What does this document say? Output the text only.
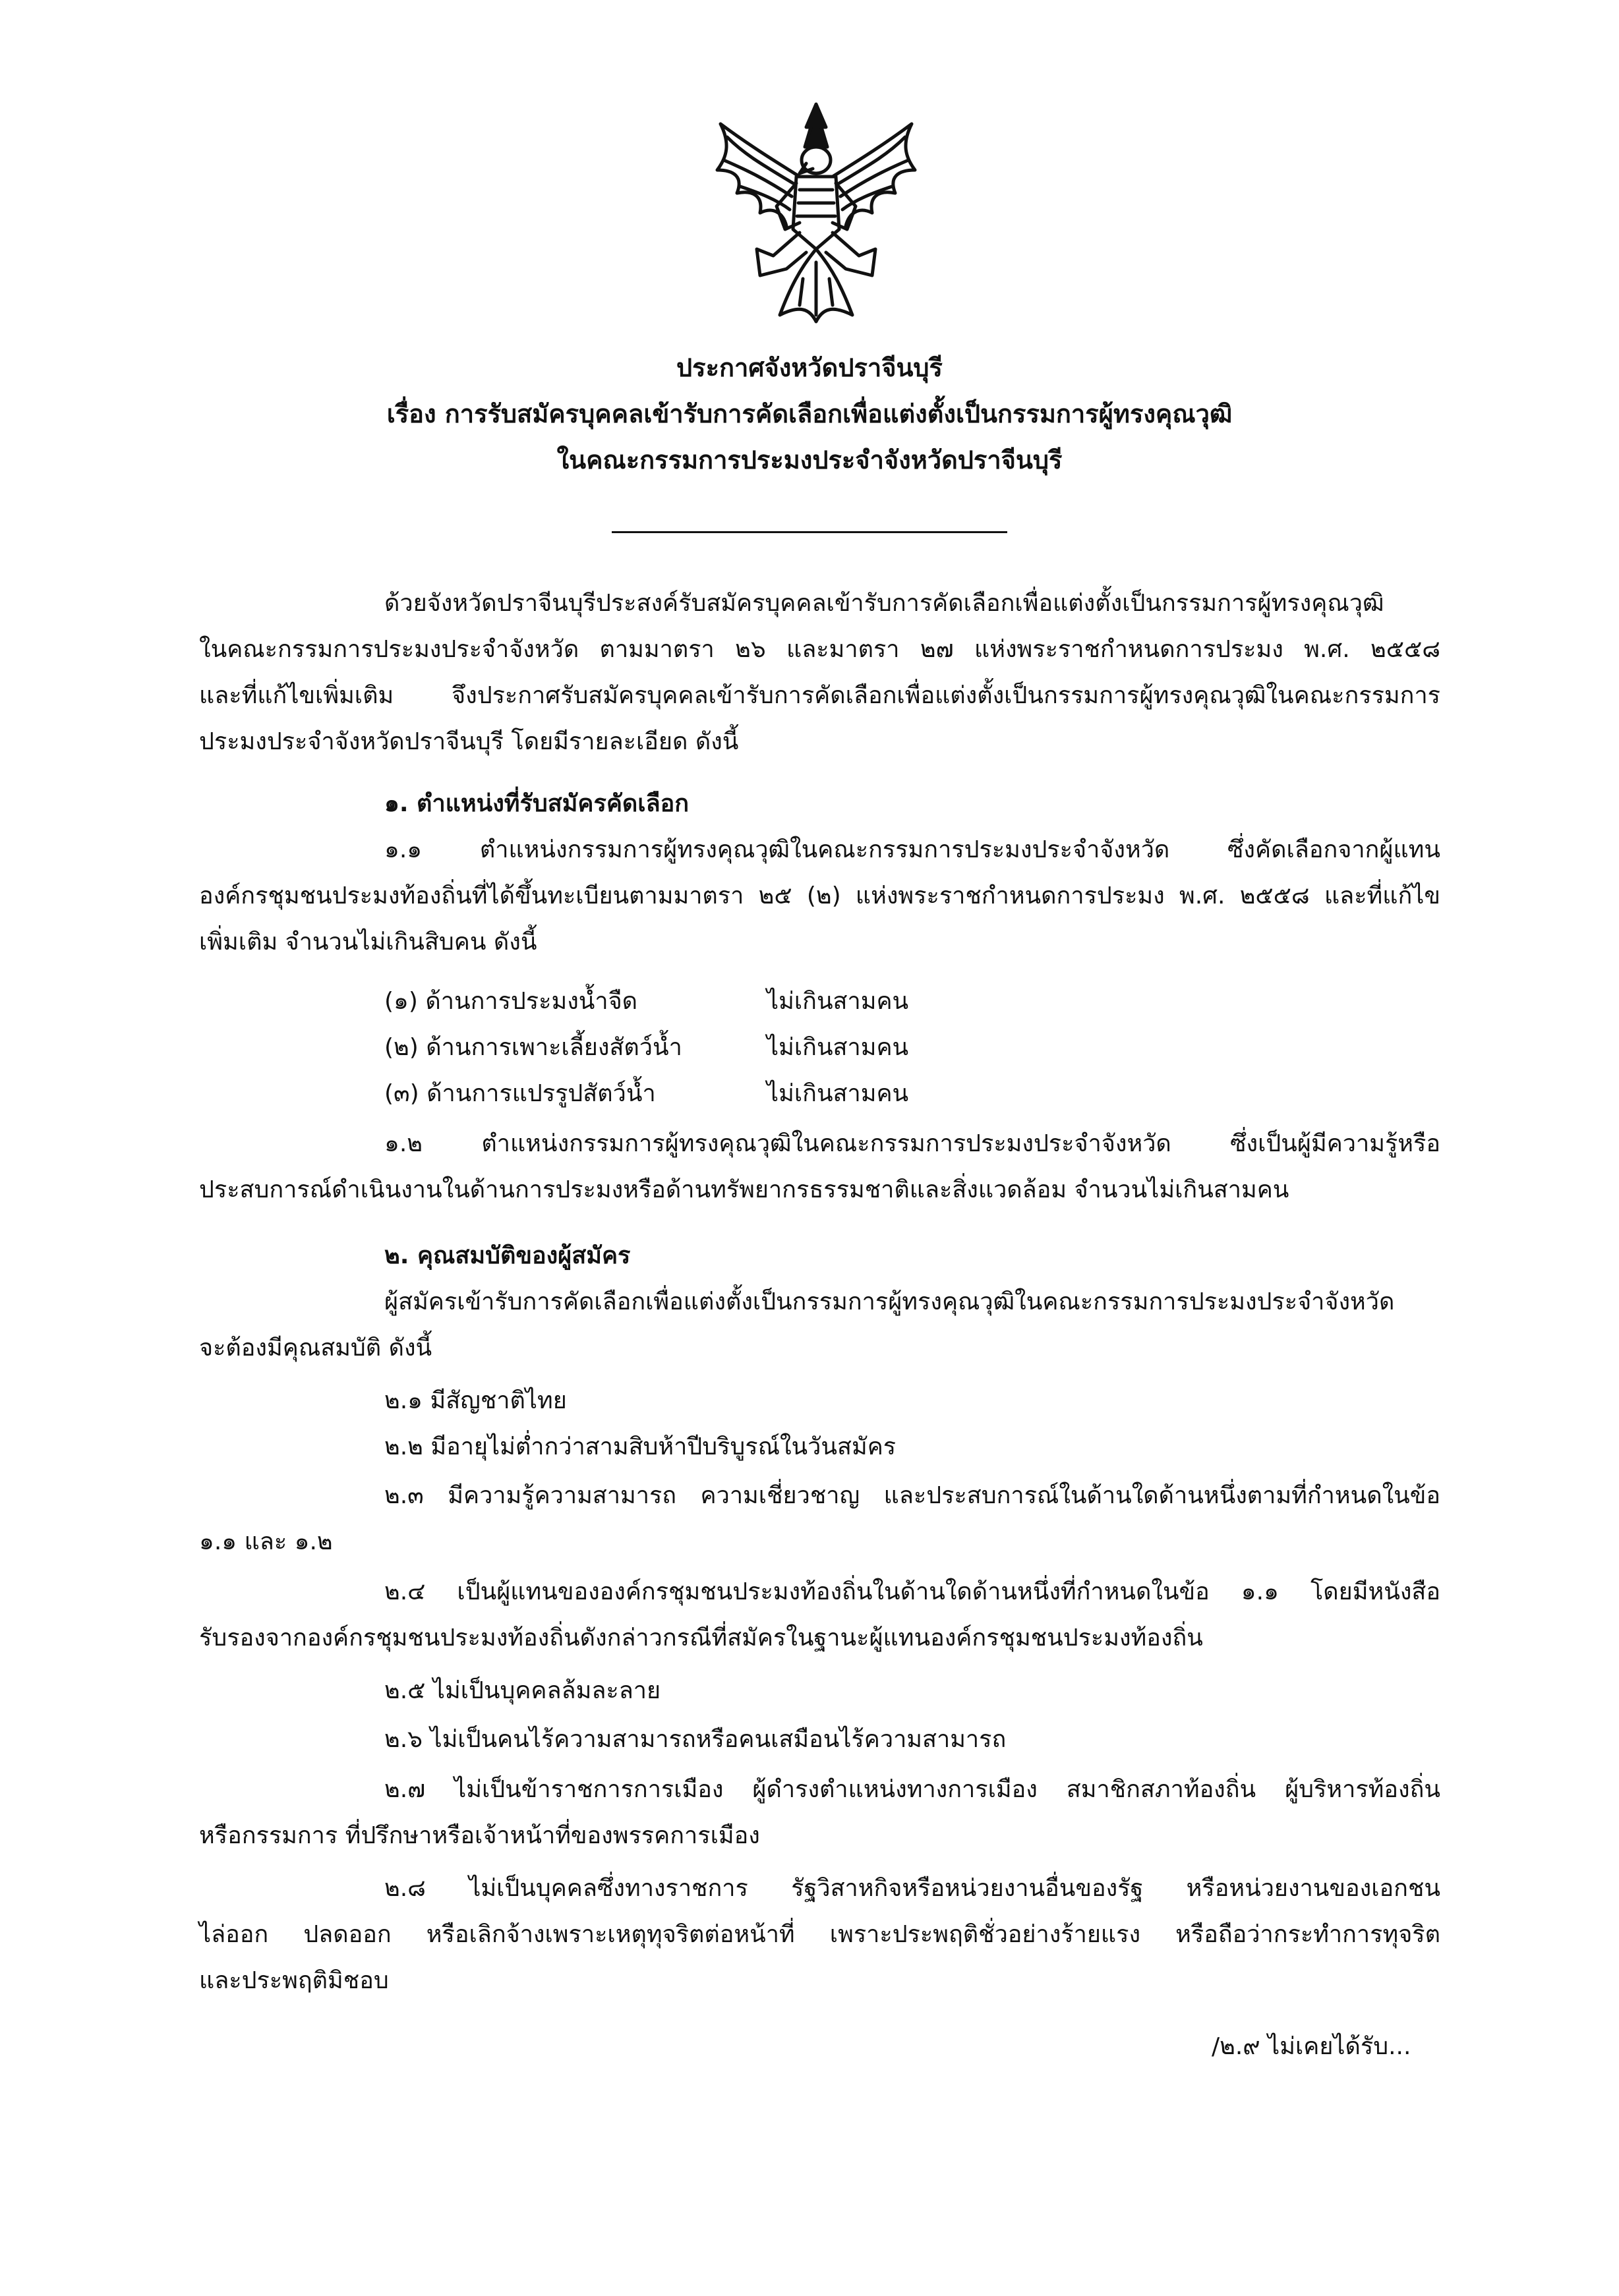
ประกาศจังหวัดปราจีนบุรี
เรื่อง การรับสมัครบุคคลเข้ารับการคัดเลือกเพื่อแต่งตั้งเป็นกรรมการผู้ทรงคุณวุฒิ
ในคณะกรรมการประมงประจำจังหวัดปราจีนบุรี
ด้วยจังหวัดปราจีนบุรีประสงค์รับสมัครบุคคลเข้ารับการคัดเลือกเพื่อแต่งตั้งเป็นกรรมการผู้ทรงคุณวุฒิ
ในคณะกรรมการประมงประจำจังหวัด ตามมาตรา ๒๖ และมาตรา ๒๗ แห่งพระราชกำหนดการประมง พ.ศ. ๒๕๕๘
และที่แก้ไขเพิ่มเติม จึงประกาศรับสมัครบุคคลเข้ารับการคัดเลือกเพื่อแต่งตั้งเป็นกรรมการผู้ทรงคุณวุฒิในคณะกรรมการ
ประมงประจำจังหวัดปราจีนบุรี โดยมีรายละเอียด ดังนี้
๑. ตำแหน่งที่รับสมัครคัดเลือก
๑.๑ ตำแหน่งกรรมการผู้ทรงคุณวุฒิในคณะกรรมการประมงประจำจังหวัด ซึ่งคัดเลือกจากผู้แทน
องค์กรชุมชนประมงท้องถิ่นที่ได้ขึ้นทะเบียนตามมาตรา ๒๕ (๒) แห่งพระราชกำหนดการประมง พ.ศ. ๒๕๕๘ และที่แก้ไข
เพิ่มเติม จำนวนไม่เกินสิบคน ดังนี้
(๑) ด้านการประมงน้ำจืด	ไม่เกินสามคน
(๒) ด้านการเพาะเลี้ยงสัตว์น้ำ	ไม่เกินสามคน
(๓) ด้านการแปรรูปสัตว์น้ำ	ไม่เกินสามคน
๑.๒ ตำแหน่งกรรมการผู้ทรงคุณวุฒิในคณะกรรมการประมงประจำจังหวัด ซึ่งเป็นผู้มีความรู้หรือ
ประสบการณ์ดำเนินงานในด้านการประมงหรือด้านทรัพยากรธรรมชาติและสิ่งแวดล้อม จำนวนไม่เกินสามคน
๒. คุณสมบัติของผู้สมัคร
ผู้สมัครเข้ารับการคัดเลือกเพื่อแต่งตั้งเป็นกรรมการผู้ทรงคุณวุฒิในคณะกรรมการประมงประจำจังหวัด
จะต้องมีคุณสมบัติ ดังนี้
๒.๑ มีสัญชาติไทย
๒.๒ มีอายุไม่ต่ำกว่าสามสิบห้าปีบริบูรณ์ในวันสมัคร
๒.๓ มีความรู้ความสามารถ ความเชี่ยวชาญ และประสบการณ์ในด้านใดด้านหนึ่งตามที่กำหนดในข้อ
๑.๑ และ ๑.๒
๒.๔ เป็นผู้แทนขององค์กรชุมชนประมงท้องถิ่นในด้านใดด้านหนึ่งที่กำหนดในข้อ ๑.๑ โดยมีหนังสือ
รับรองจากองค์กรชุมชนประมงท้องถิ่นดังกล่าวกรณีที่สมัครในฐานะผู้แทนองค์กรชุมชนประมงท้องถิ่น
๒.๕ ไม่เป็นบุคคลล้มละลาย
๒.๖ ไม่เป็นคนไร้ความสามารถหรือคนเสมือนไร้ความสามารถ
๒.๗ ไม่เป็นข้าราชการการเมือง ผู้ดำรงตำแหน่งทางการเมือง สมาชิกสภาท้องถิ่น ผู้บริหารท้องถิ่น
หรือกรรมการ ที่ปรึกษาหรือเจ้าหน้าที่ของพรรคการเมือง
๒.๘ ไม่เป็นบุคคลซึ่งทางราชการ รัฐวิสาหกิจหรือหน่วยงานอื่นของรัฐ หรือหน่วยงานของเอกชน
ไล่ออก ปลดออก หรือเลิกจ้างเพราะเหตุทุจริตต่อหน้าที่ เพราะประพฤติชั่วอย่างร้ายแรง หรือถือว่ากระทำการทุจริต
และประพฤติมิชอบ
/๒.๙ ไม่เคยได้รับ...
